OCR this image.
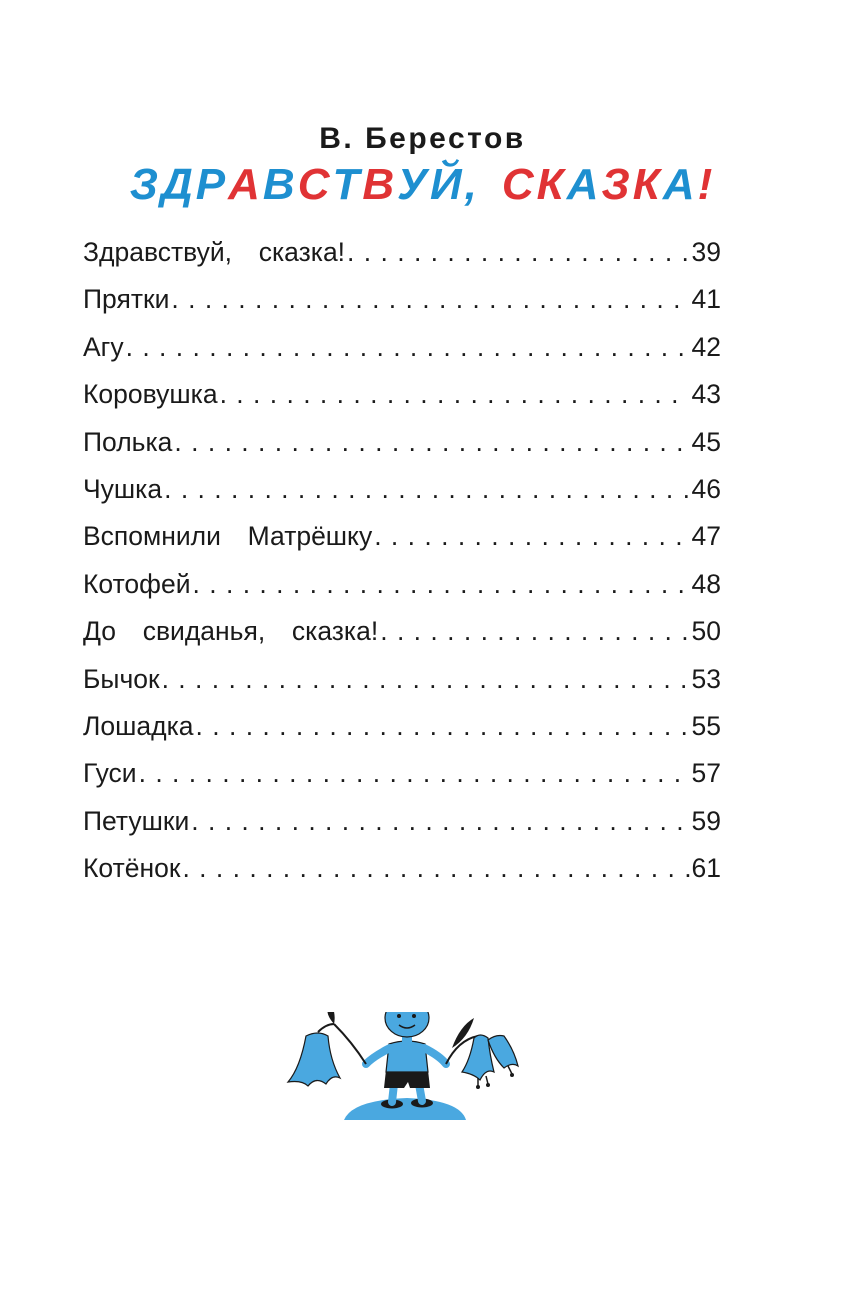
В. Берестов
ЗДРАВСТВУЙ, СКАЗКА!
Здравствуй,  сказка! . . .	39
Прятки . . .	41
Агу . . .	42
Коровушка . . .	43
Полька . . .	45
Чушка . . .	46
Вспомнили  Матрёшку . . .	47
Котофей . . .	48
До  свиданья,  сказка! . . .	50
Бычок . . .	53
Лошадка . . .	55
Гуси . . .	57
Петушки . . .	59
Котёнок . . .	61
